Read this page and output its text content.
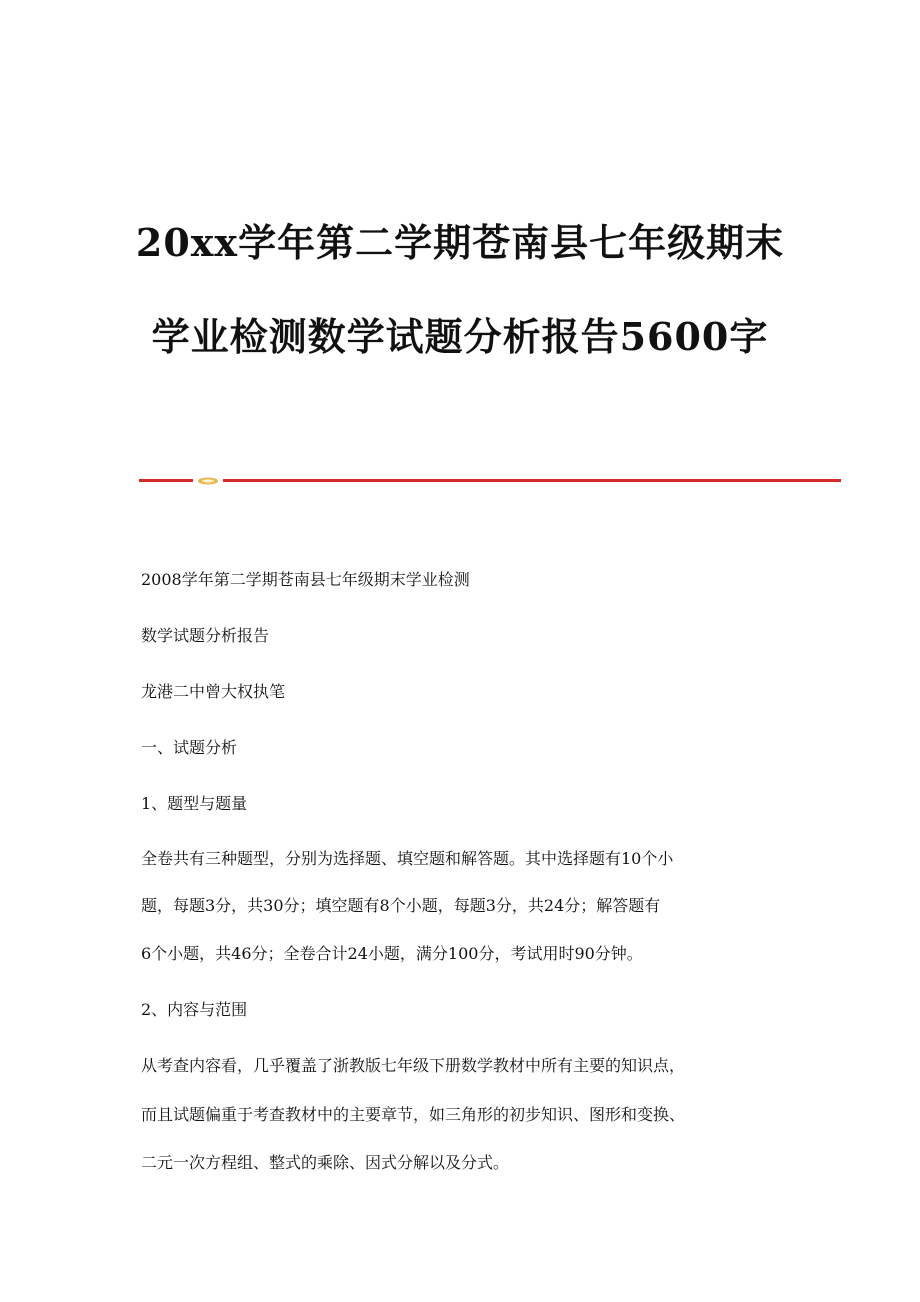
20xx学年第二学期苍南县七年级期末
学业检测数学试题分析报告5600字

2008学年第二学期苍南县七年级期末学业检测

数学试题分析报告

龙港二中曾大权执笔

一、试题分析

1、题型与题量

全卷共有三种题型，分别为选择题、填空题和解答题。其中选择题有10个小

题，每题3分，共30分；填空题有8个小题，每题3分，共24分；解答题有

6个小题，共46分；全卷合计24小题，满分100分，考试用时90分钟。

2、内容与范围

从考查内容看，几乎覆盖了浙教版七年级下册数学教材中所有主要的知识点，

而且试题偏重于考查教材中的主要章节，如三角形的初步知识、图形和变换、

二元一次方程组、整式的乘除、因式分解以及分式。
